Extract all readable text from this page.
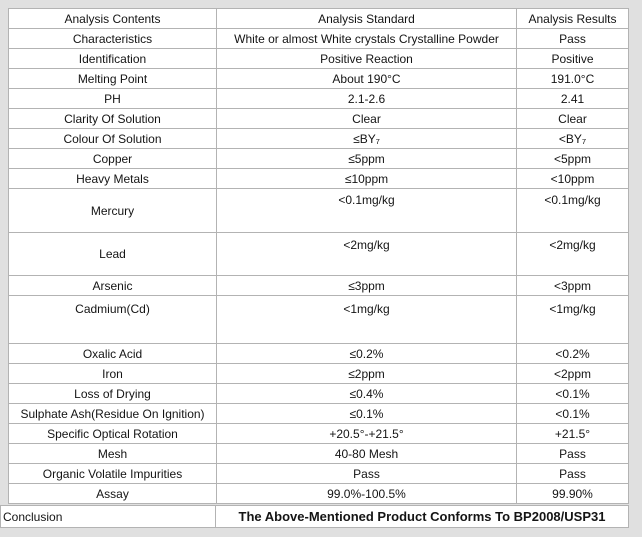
Analysis Contents	Analysis Standard	Analysis Results
Characteristics	White or almost White crystals Crystalline Powder	Pass
Identification	Positive Reaction	Positive
Melting Point	About 190°C	191.0°C
PH	2.1-2.6	2.41
Clarity Of Solution	Clear	Clear
Colour Of Solution	≤BY₇	<BY₇
Copper	≤5ppm	<5ppm
Heavy Metals	≤10ppm	<10ppm
Mercury	<0.1mg/kg	<0.1mg/kg
Lead	<2mg/kg	<2mg/kg
Arsenic	≤3ppm	<3ppm
Cadmium(Cd)	<1mg/kg	<1mg/kg
Oxalic Acid	≤0.2%	<0.2%
Iron	≤2ppm	<2ppm
Loss of Drying	≤0.4%	<0.1%
Sulphate Ash(Residue On Ignition)	≤0.1%	<0.1%
Specific Optical Rotation	+20.5°-+21.5°	+21.5°
Mesh	40-80 Mesh	Pass
Organic Volatile Impurities	Pass	Pass
Assay	99.0%-100.5%	99.90%
Conclusion	The Above-Mentioned Product Conforms To BP2008/USP31
